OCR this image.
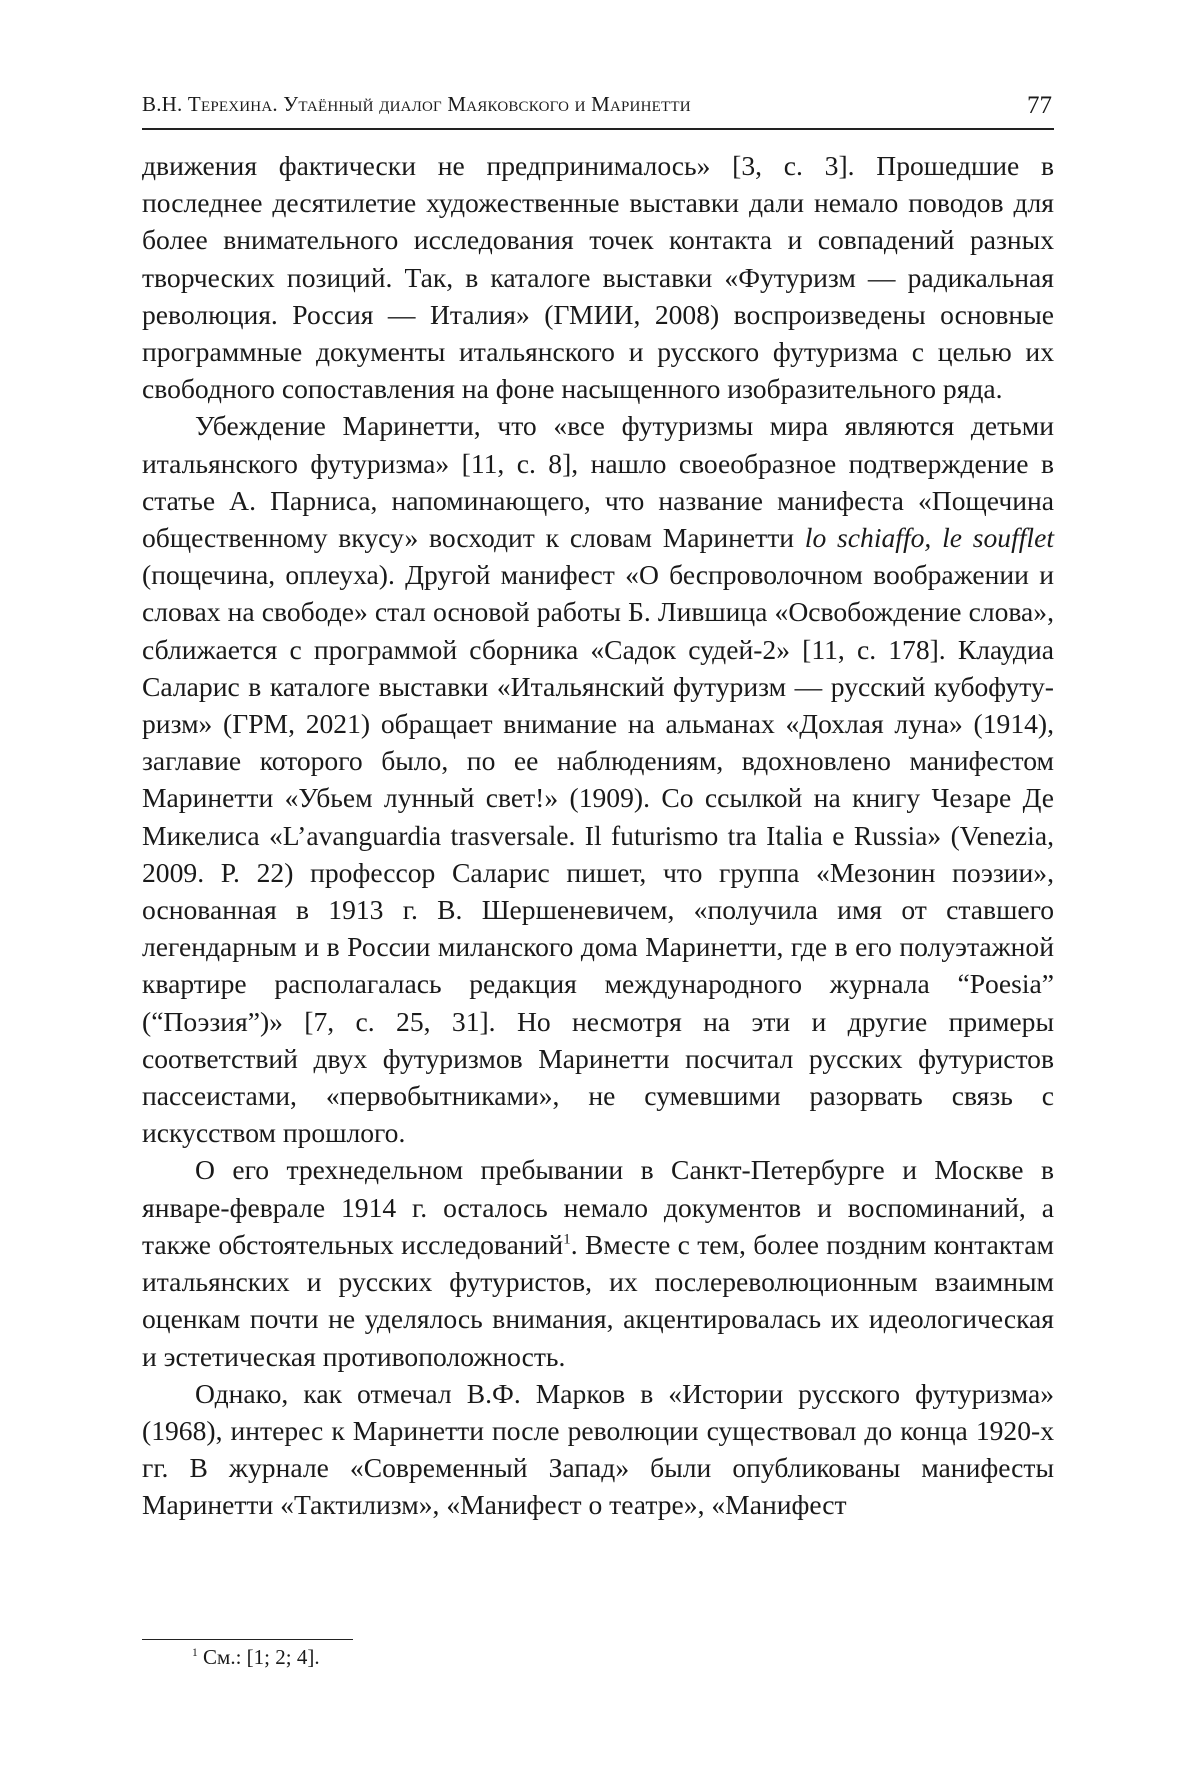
В.Н. Терехина. Утаённый диалог Маяковского и Маринетти	77

движения фактически не предпринималось» [3, с. 3]. Прошедшие в последнее десятилетие художественные выставки дали немало поводов для более внимательного исследования точек контакта и совпадений разных творческих позиций. Так, в каталоге выставки «Футуризм — радикальная революция. Россия — Италия» (ГМИИ, 2008) воспроизведены основные программные документы итальянского и русского футуризма с целью их свободного сопоставления на фоне насыщенного изобразительного ряда.

Убеждение Маринетти, что «все футуризмы мира являются детьми итальянского футуризма» [11, с. 8], нашло своеобразное подтверждение в статье А. Парниса, напоминающего, что название манифеста «Пощечина общественному вкусу» восходит к словам Маринетти lo schiaffo, le soufflet (пощечина, оплеуха). Другой манифест «О беспроволочном воображении и словах на свободе» стал основой работы Б. Лившица «Освобождение слова», сближается с программой сборника «Садок судей-2» [11, с. 178]. Клаудиа Саларис в каталоге выставки «Итальянский футуризм — русский кубофутуризм» (ГРМ, 2021) обращает внимание на альманах «Дохлая луна» (1914), заглавие которого было, по ее наблюдениям, вдохновлено манифестом Маринетти «Убьем лунный свет!» (1909). Со ссылкой на книгу Чезаре Де Микелиса «L’avanguardia trasversale. Il futurismo tra Italia e Russia» (Venezia, 2009. P. 22) профессор Саларис пишет, что группа «Мезонин поэзии», основанная в 1913 г. В. Шершеневичем, «получила имя от ставшего легендарным и в России миланского дома Маринетти, где в его полуэтажной квартире располагалась редакция международного журнала “Poesia” (“Поэзия”)» [7, с. 25, 31]. Но несмотря на эти и другие примеры соответствий двух футуризмов Маринетти посчитал русских футуристов пассеистами, «первобытниками», не сумевшими разорвать связь с искусством прошлого.

О его трехнедельном пребывании в Санкт-Петербурге и Москве в январе-феврале 1914 г. осталось немало документов и воспоминаний, а также обстоятельных исследований$^1$. Вместе с тем, более поздним контактам итальянских и русских футуристов, их послереволюционным взаимным оценкам почти не уделялось внимания, акцентировалась их идеологическая и эстетическая противоположность.

Однако, как отмечал В.Ф. Марков в «Истории русского футуризма» (1968), интерес к Маринетти после революции существовал до конца 1920-х гг. В журнале «Современный Запад» были опубликованы манифесты Маринетти «Тактилизм», «Манифест о театре», «Манифест

$^1$ См.: [1; 2; 4].
